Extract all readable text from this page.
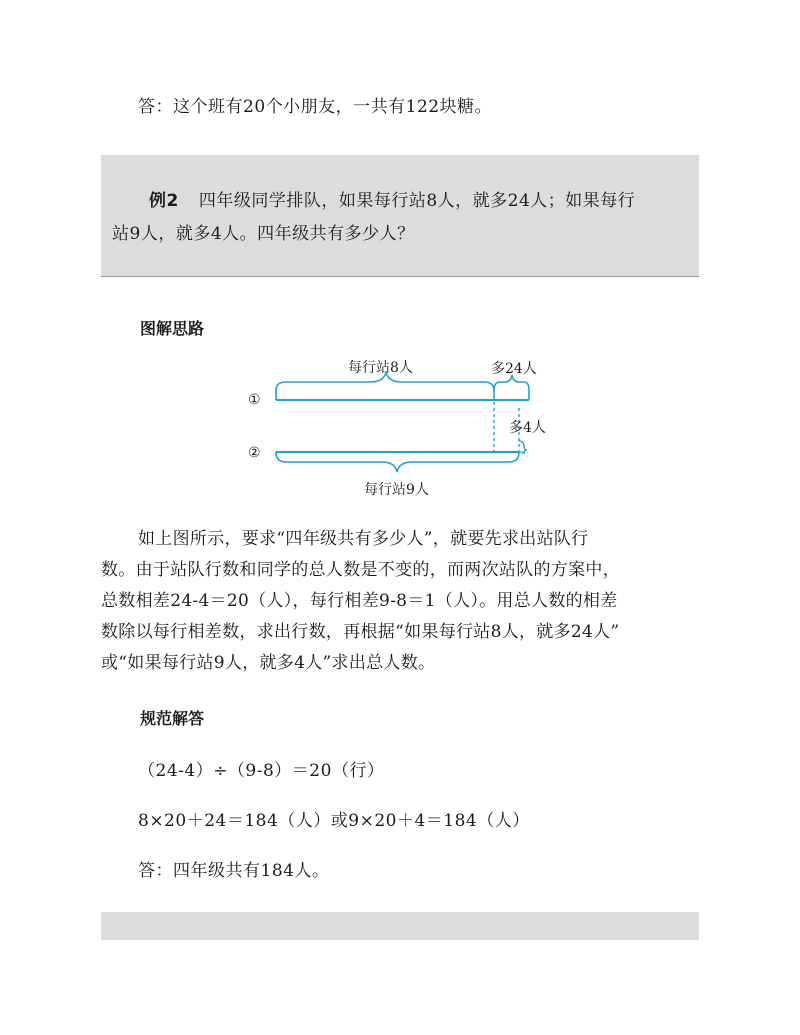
答：这个班有20个小朋友，一共有122块糖。
例2 四年级同学排队，如果每行站8人，就多24人；如果每行
站9人，就多4人。四年级共有多少人？
图解思路
每行站8人	多24人
多4人
每行站9人
①
②
如上图所示，要求“四年级共有多少人”，就要先求出站队行
数。由于站队行数和同学的总人数是不变的，而两次站队的方案中，
总数相差24-4＝20（人），每行相差9-8＝1（人）。用总人数的相差
数除以每行相差数，求出行数，再根据“如果每行站8人，就多24人”
或“如果每行站9人，就多4人”求出总人数。
规范解答
（24-4）÷（9-8）＝20（行）
8×20＋24＝184（人）或9×20＋4＝184（人）
答：四年级共有184人。
